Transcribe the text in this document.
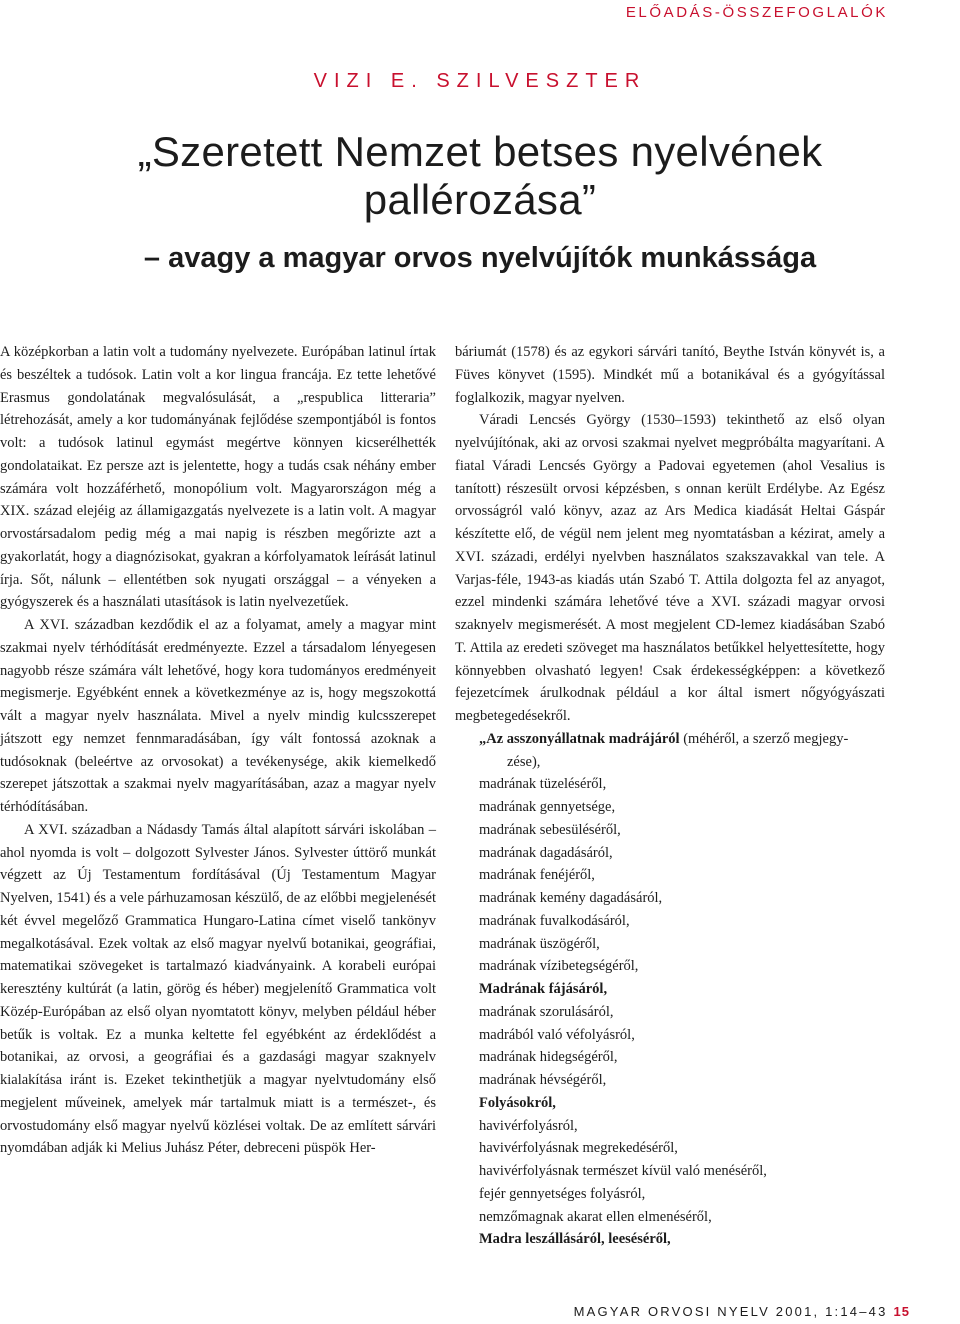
ELŐADÁS-ÖSSZEFOGLALÓK
VIZI E. SZILVESZTER
„Szeretett Nemzet betses nyelvének
pallérozása”
– avagy a magyar orvos nyelvújítók munkássága

A középkorban a latin volt a tudomány nyelvezete. Európában latinul írtak és beszéltek a tudósok. Latin volt a kor lingua francája. Ez tette lehetővé Erasmus gondolatának megvalósulását, a „respublica litteraria” létrehozását, amely a kor tudományának fejlődése szempontjából is fontos volt: a tudósok latinul egymást megértve könnyen kicserélhették gondolataikat. Ez persze azt is jelentette, hogy a tudás csak néhány ember számára volt hozzáférhető, monopólium volt. Magyarországon még a XIX. század elejéig az államigazgatás nyelvezete is a latin volt. A magyar orvostársadalom pedig még a mai napig is részben megőrizte azt a gyakorlatát, hogy a diagnózisokat, gyakran a kórfolyamatok leírását latinul írja. Sőt, nálunk – ellentétben sok nyugati országgal – a vényeken a gyógyszerek és a használati utasítások is latin nyelvezetűek.

A XVI. században kezdődik el az a folyamat, amely a magyar mint szakmai nyelv térhódítását eredményezte. Ezzel a társadalom lényegesen nagyobb része számára vált lehetővé, hogy kora tudományos eredményeit megismerje. Egyébként ennek a következménye az is, hogy megszokottá vált a magyar nyelv használata. Mivel a nyelv mindig kulcsszerepet játszott egy nemzet fennmaradásában, így vált fontossá azoknak a tudósoknak (beleértve az orvosokat) a tevékenysége, akik kiemelkedő szerepet játszottak a szakmai nyelv magyarításában, azaz a magyar nyelv térhódításában.

A XVI. században a Nádasdy Tamás által alapított sárvári iskolában – ahol nyomda is volt – dolgozott Sylvester János. Sylvester úttörő munkát végzett az Új Testamentum fordításával (Új Testamentum Magyar Nyelven, 1541) és a vele párhuzamosan készülő, de az előbbi megjelenését két évvel megelőző Grammatica Hungaro-Latina címet viselő tankönyv megalkotásával. Ezek voltak az első magyar nyelvű botanikai, geográfiai, matematikai szövegeket is tartalmazó kiadványaink. A korabeli európai keresztény kultúrát (a latin, görög és héber) megjelenítő Grammatica volt Közép-Európában az első olyan nyomtatott könyv, melyben például héber betűk is voltak. Ez a munka keltette fel egyébként az érdeklődést a botanikai, az orvosi, a geográfiai és a gazdasági magyar szaknyelv kialakítása iránt is. Ezeket tekinthetjük a magyar nyelvtudomány első megjelent műveinek, amelyek már tartalmuk miatt is a természet-, és orvostudomány első magyar nyelvű közlései voltak. De az említett sárvári nyomdában adják ki Melius Juhász Péter, debreceni püspök Her-

báriumát (1578) és az egykori sárvári tanító, Beythe István könyvét is, a Füves könyvet (1595). Mindkét mű a botanikával és a gyógyítással foglalkozik, magyar nyelven.

Váradi Lencsés György (1530–1593) tekinthető az első olyan nyelvújítónak, aki az orvosi szakmai nyelvet megpróbálta magyarítani. A fiatal Váradi Lencsés György a Padovai egyetemen (ahol Vesalius is tanított) részesült orvosi képzésben, s onnan került Erdélybe. Az Egész orvosságról való könyv, azaz az Ars Medica kiadását Heltai Gáspár készítette elő, de végül nem jelent meg nyomtatásban a kézirat, amely a XVI. századi, erdélyi nyelvben használatos szakszavakkal van tele. A Varjas-féle, 1943-as kiadás után Szabó T. Attila dolgozta fel az anyagot, ezzel mindenki számára lehetővé téve a XVI. századi magyar orvosi szaknyelv megismerését. A most megjelent CD-lemez kiadásában Szabó T. Attila az eredeti szöveget ma használatos betűkkel helyettesítette, hogy könnyebben olvasható legyen! Csak érdekességképpen: a következő fejezetcímek árulkodnak például a kor által ismert nőgyógyászati megbetegedésekről.

„Az asszonyállatnak madrájáról (méhéről, a szerző megjegy-
zése),
madrának tüzeléséről,
madrának gennyetsége,
madrának sebesüléséről,
madrának dagadásáról,
madrának fenéjéről,
madrának kemény dagadásáról,
madrának fuvalkodásáról,
madrának üszögéről,
madrának vízibetegségéről,
Madrának fájásáról,
madrának szorulásáról,
madrából való véfolyásról,
madrának hidegségéről,
madrának hévségéről,
Folyásokról,
havivérfolyásról,
havivérfolyásnak megrekedéséről,
havivérfolyásnak természet kívül való menéséről,
fejér gennyetséges folyásról,
nemzőmagnak akarat ellen elmenéséről,
Madra leszállásáról, leeséséről,
MAGYAR ORVOSI NYELV 2001, 1:14–43 15
